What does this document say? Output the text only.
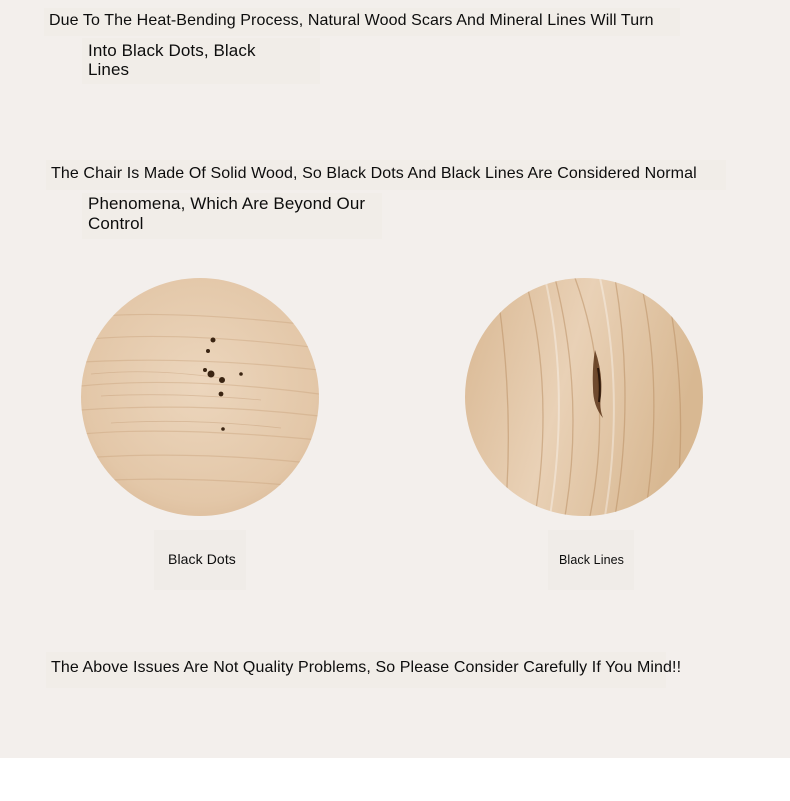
Due To The Heat-Bending Process, Natural Wood Scars And Mineral Lines Will Turn
Into Black Dots, Black
Lines
The Chair Is Made Of Solid Wood, So Black Dots And Black Lines Are Considered Normal
Phenomena, Which Are Beyond Our
Control
Black Dots	Black Lines
The Above Issues Are Not Quality Problems, So Please Consider Carefully If You Mind!!
